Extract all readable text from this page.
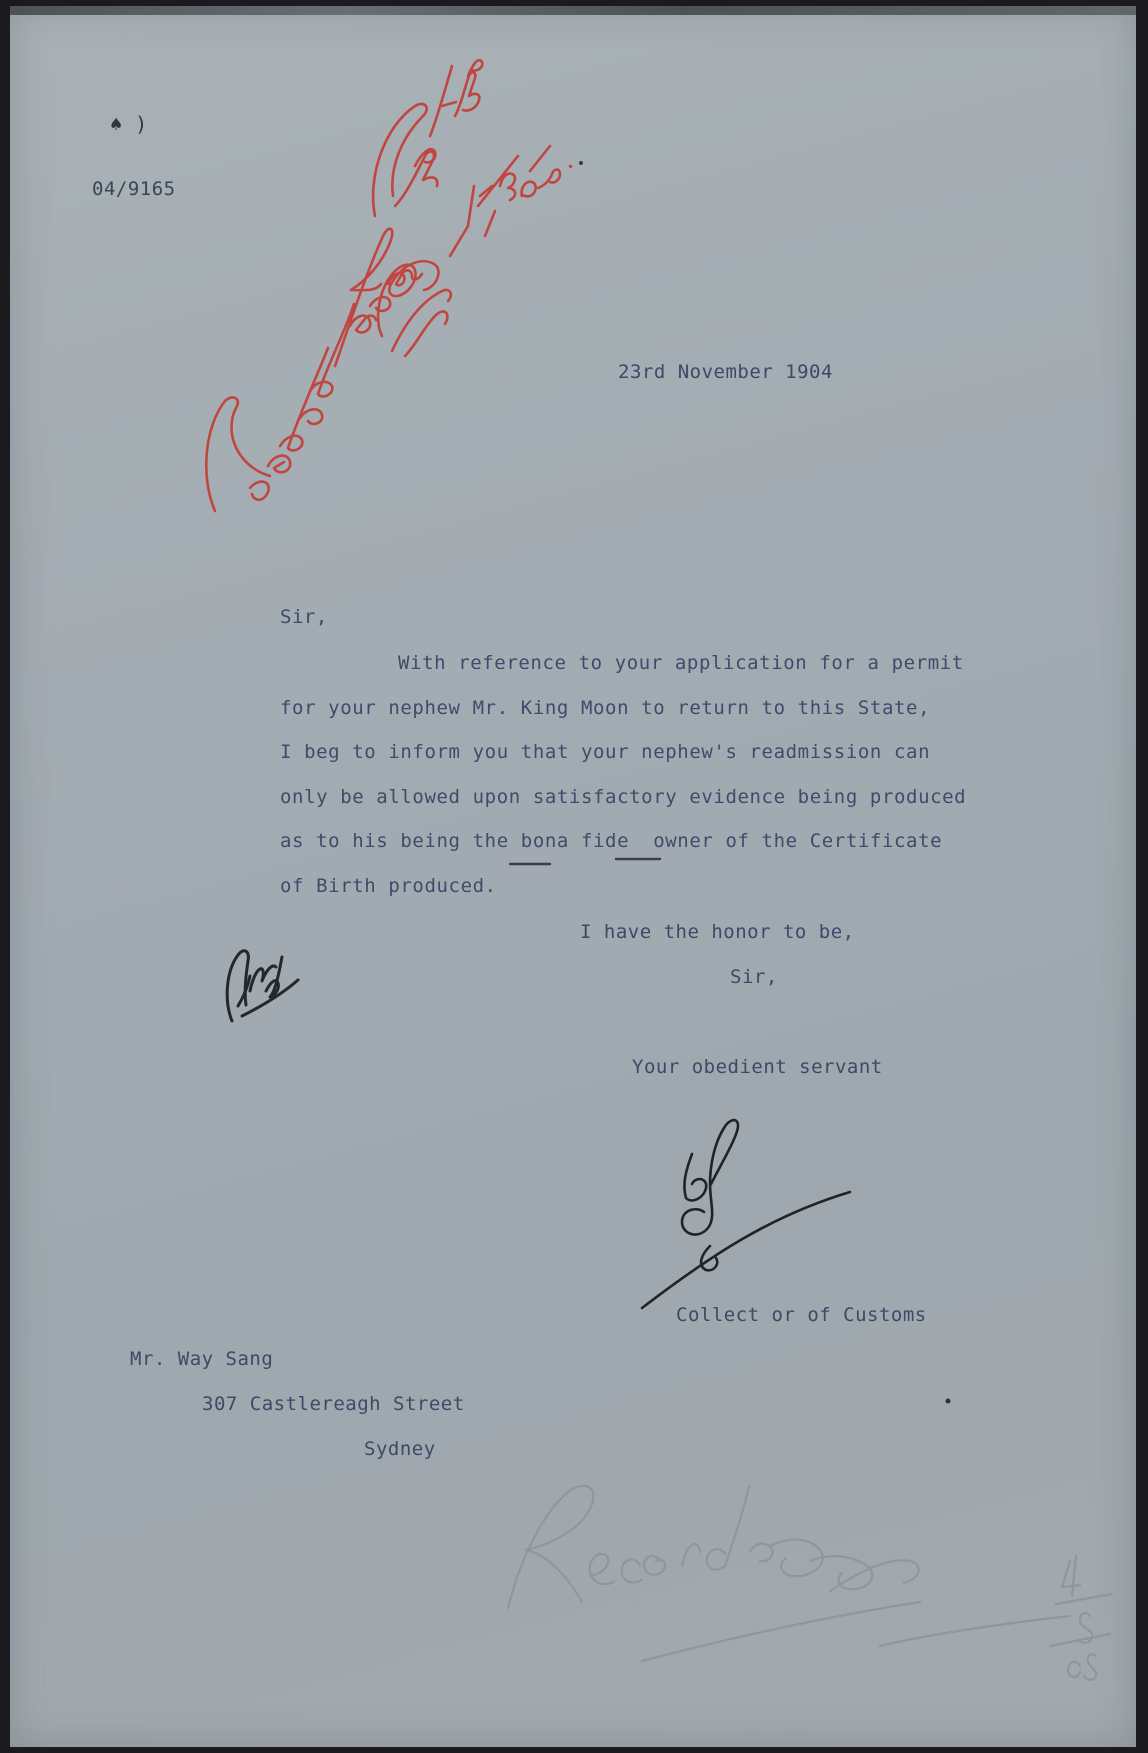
♠ )
04/9165
23rd November 1904
Sir,
With reference to your application for a permit
for your nephew Mr. King Moon to return to this State,
I beg to inform you that your nephew's readmission can
only be allowed upon satisfactory evidence being produced
as to his being the bona fide  owner of the Certificate
of Birth produced.
I have the honor to be,
Sir,
Your obedient servant
Collect or of Customs
Mr. Way Sang
307 Castlereagh Street
Sydney
